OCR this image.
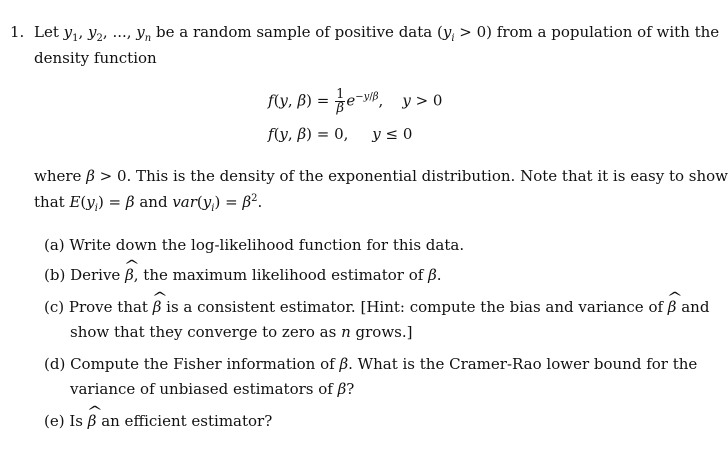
1. Let $y_1$, $y_2$, ..., $y_n$ be a random sample of positive data $(y_i > 0)$ from a population of with the
density function
f(y, $\beta) = \frac{1}{\beta} e^{-y/\beta}$,    y > 0
f(y, β) = 0,     y ≤ 0
where β > 0. This is the density of the exponential distribution. Note that it is easy to show
that $E(y_i) = \beta$ and $var(y_i) = \beta^2$.
(a) Write down the log-likelihood function for this data.
(b) Derive ^ β, the maximum likelihood estimator of β.
(c) Prove that ^ β is a consistent estimator. [Hint: compute the bias and variance of ^ β and
show that they converge to zero as n grows.]
(d) Compute the Fisher information of β. What is the Cramer-Rao lower bound for the
variance of unbiased estimators of β?
(e) Is ^ β an efficient estimator?
